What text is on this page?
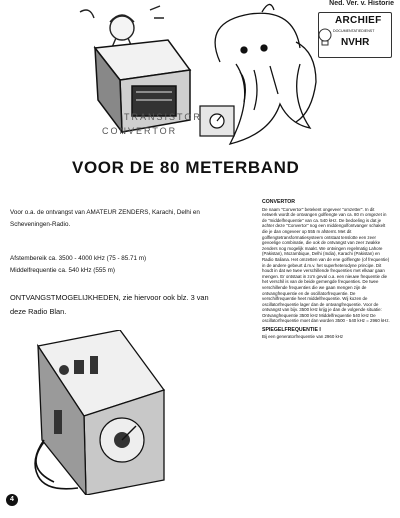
Ned. Ver. v. Historie
ARCHIEF
DOCUMENTATIEDIENST
NVHR
TRANSISTOR
CONVERTOR
VOOR DE 80 METERBAND
Voor o.a. de ontvangst van AMATEUR ZENDERS, Karachi, Delhi en Scheveningen-Radio.
Afstembereik ca. 3500 - 4000 kHz (75 - 85.71 m)
Middelfrequentie ca. 540 kHz (555 m)
ONTVANGSTMOGELIJKHEDEN, zie hiervoor ook blz. 3 van deze Radio Blan.

CONVERTOR

De naam "Convertor" betekent ongeveer "omzetter". In dit netwerk wordt de ontvangen golflengte van ca. 80 m omgezet in de "middelfrequentie" van ca. 540 kHz. De bedoeling is dat je achter deze "Convertor" nog een middengolfontvanger schakelt die je dan ongeveer op 555 m afstemt. Met dit golflengtetransformatiesysteem ontstaat tenslotte een zeer gevoelige combinatie, die ook de ontvangst van zeer zwakke zenders nog mogelijk maakt. We ontvingen regelmatig Lahore (Pakistan), Mozambique, Delhi (India), Karachi (Pakistan) en Radio Italiana. Het omzetten van de ene golflengte (of frequentie) in de andere gebeurt d.m.v. het superheterodyne principe. Dit houdt in dat we twee verschillende frequenties met elkaar gaan mengen. Er ontstaat in zo'n geval o.a. een nieuwe frequentie die het verschil is van de beide gemengde frequenties. De twee verschillende frequenties die we gaan mengen zijn de ontvangfrequentie en de oscillatorfrequentie. De verschilfrequentie heet middelfrequentie. Wij kozen de oscillatorfrequentie lager dan de ontvangfrequentie. Voor de ontvangst van bijv. 3500 kHz krijg je dan de volgende situatie: Ontvangfrequentie 3500 kHz Middelfrequentie 540 kHz De oscillatorfrequentie moet dan worden 3500 - 540 kHz = 2960 kHz.

SPIEGELFREQUENTIE I

Bij een generatorfrequentie van 2960 kHz

4
